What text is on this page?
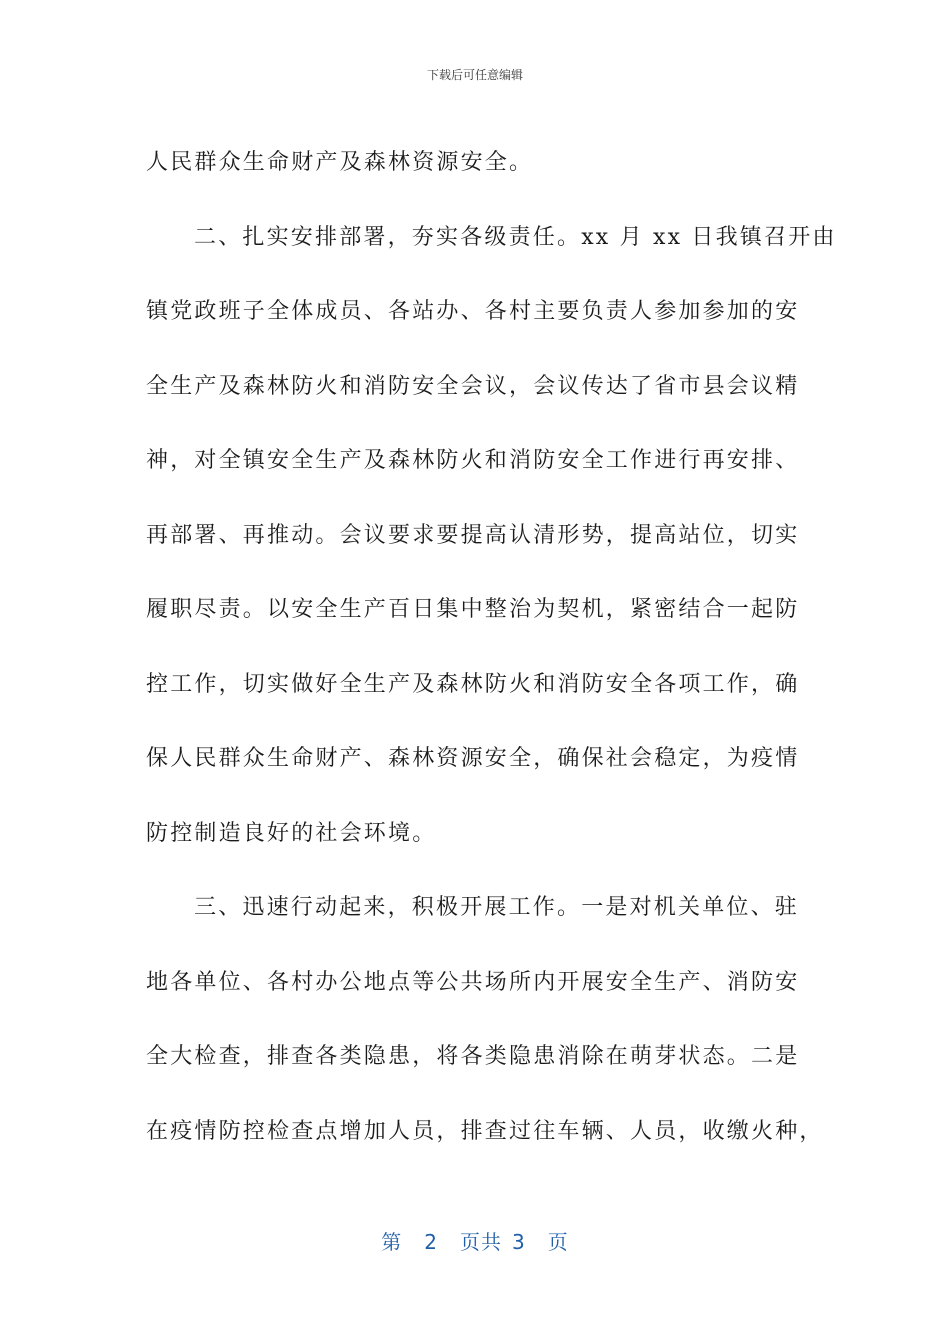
下载后可任意编辑

人民群众生命财产及森林资源安全。

二、扎实安排部署，夯实各级责任。xx 月 xx 日我镇召开由
镇党政班子全体成员、各站办、各村主要负责人参加参加的安
全生产及森林防火和消防安全会议，会议传达了省市县会议精
神，对全镇安全生产及森林防火和消防安全工作进行再安排、
再部署、再推动。会议要求要提高认清形势，提高站位，切实
履职尽责。以安全生产百日集中整治为契机，紧密结合一起防
控工作，切实做好全生产及森林防火和消防安全各项工作，确
保人民群众生命财产、森林资源安全，确保社会稳定，为疫情
防控制造良好的社会环境。

三、迅速行动起来，积极开展工作。一是对机关单位、驻
地各单位、各村办公地点等公共场所内开展安全生产、消防安
全大检查，排查各类隐患，将各类隐患消除在萌芽状态。二是
在疫情防控检查点增加人员，排查过往车辆、人员，收缴火种，

第 2 页共 3 页
